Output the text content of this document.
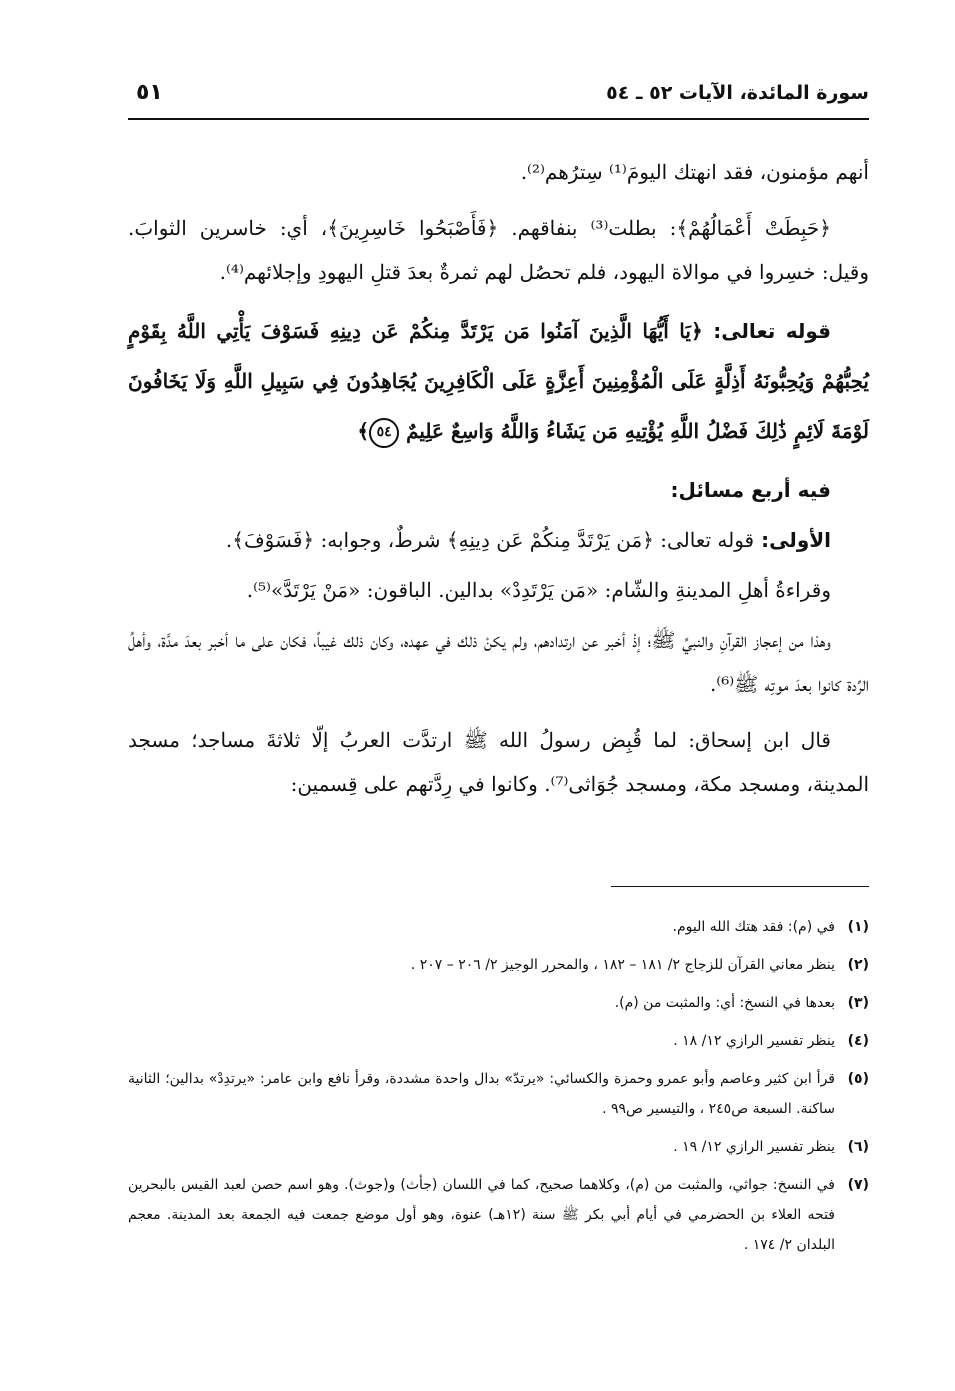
سورة المائدة، الآيات ٥٢ ـ ٥٤
٥١

أنهم مؤمنون، فقد انهتك اليومَ⁽¹⁾ سِترُهم⁽²⁾.

﴿حَبِطَتْ أَعْمَالُهُمْ﴾: بطلت⁽³⁾ بنفاقهم. ﴿فَأَصْبَحُوا خَاسِرِينَ﴾، أي: خاسرين الثوابَ. وقيل: خسِروا في موالاة اليهود، فلم تحصُل لهم ثمرةٌ بعدَ قتلِ اليهودِ وإجلائهم⁽⁴⁾.

قوله تعالى: ﴿يَا أَيُّهَا الَّذِينَ آمَنُوا مَن يَرْتَدَّ مِنكُمْ عَن دِينِهِ فَسَوْفَ يَأْتِي اللَّهُ بِقَوْمٍ يُحِبُّهُمْ وَيُحِبُّونَهُ أَذِلَّةٍ عَلَى الْمُؤْمِنِينَ أَعِزَّةٍ عَلَى الْكَافِرِينَ يُجَاهِدُونَ فِي سَبِيلِ اللَّهِ وَلَا يَخَافُونَ لَوْمَةَ لَائِمٍ ذَٰلِكَ فَضْلُ اللَّهِ يُؤْتِيهِ مَن يَشَاءُ وَاللَّهُ وَاسِعٌ عَلِيمٌ ٥٤﴾

فيه أربع مسائل:

الأولى: قوله تعالى: ﴿مَن يَرْتَدَّ مِنكُمْ عَن دِينِهِ﴾ شرطٌ، وجوابه: ﴿فَسَوْفَ﴾.

وقراءةُ أهلِ المدينةِ والشّام: «مَن يَرْتَدِدْ» بدالين. الباقون: «مَنْ يَرْتَدَّ»⁽⁵⁾.

وهذا من إعجاز القرآنِ والنبيِّ ﷺ؛ إذْ أخبر عن ارتدادهم، ولم يكنْ ذلك في عهده، وكان ذلك غيباً، فكان على ما أخبر بعدَ مدَّة، وأهلُ الرِّدة كانوا بعدَ موتِه ﷺ⁽⁶⁾.

قال ابن إسحاق: لما قُبِض رسولُ الله ﷺ ارتدَّت العربُ إلّا ثلاثةَ مساجد؛ مسجد المدينة، ومسجد مكة، ومسجد جُوَاثى⁽⁷⁾. وكانوا في رِدَّتهم على قِسمين:

(١)
في (م): فقد هتك الله اليوم.
(٢)
ينظر معاني القرآن للزجاج ٢/ ١٨١ – ١٨٢ ، والمحرر الوجيز ٢/ ٢٠٦ – ٢٠٧ .
(٣)
بعدها في النسخ: أي: والمثبت من (م).
(٤)
ينظر تفسير الرازي ١٢/ ١٨ .
(٥)
قرأ ابن كثير وعاصم وأبو عمرو وحمزة والكسائي: «يرتدّ» بدال واحدة مشددة، وقرأ نافع وابن عامر: «يرتدِدْ» بدالين؛ الثانية ساكنة. السبعة ص٢٤٥ ، والتيسير ص٩٩ .
(٦)
ينظر تفسير الرازي ١٢/ ١٩ .
(٧)
في النسخ: جواثي، والمثبت من (م)، وكلاهما صحيح، كما في اللسان (جأث) و(جوث). وهو اسم حصن لعبد القيس بالبحرين فتحه العلاء بن الحضرمي في أيام أبي بكر ﷺ سنة (١٢هـ) عنوة، وهو أول موضع جمعت فيه الجمعة بعد المدينة. معجم البلدان ٢/ ١٧٤ .
